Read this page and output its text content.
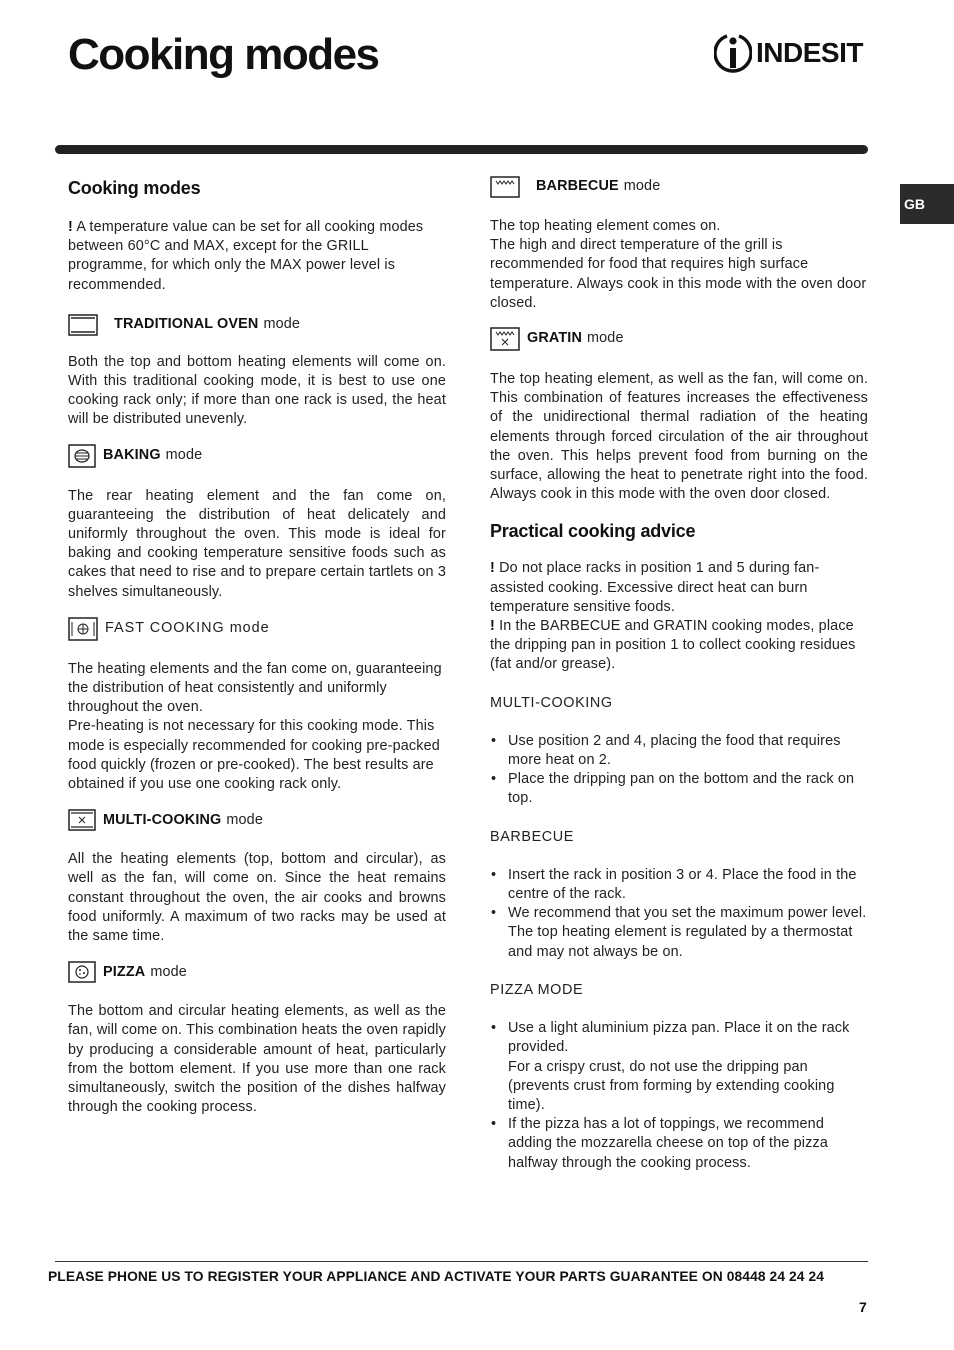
Cooking modes	INDESIT
GB
Cooking modes

! A temperature value can be set for all cooking modes between 60°C and MAX, except for the GRILL programme, for which only the MAX power level is recommended.

TRADITIONAL OVEN mode

Both the top and bottom heating elements will come on. With this traditional cooking mode, it is best to use one cooking rack only; if more than one rack is used, the heat will be distributed unevenly.

BAKING mode

The rear heating element and the fan come on, guaranteeing the distribution of heat delicately and uniformly throughout the oven. This mode is ideal for baking and cooking temperature sensitive foods such as cakes that need to rise and to prepare certain tartlets on 3 shelves simultaneously.

FAST COOKING mode

The heating elements and the fan come on, guaranteeing the distribution of heat consistently and uniformly throughout the oven.
Pre-heating is not necessary for this cooking mode. This mode is especially recommended for cooking pre-packed food quickly (frozen or pre-cooked). The best results are obtained if you use one cooking rack only.

MULTI-COOKING mode

All the heating elements (top, bottom and circular), as well as the fan, will come on. Since the heat remains constant throughout the oven, the air cooks and browns food uniformly. A maximum of two racks may be used at the same time.

PIZZA mode

The bottom and circular heating elements, as well as the fan, will come on. This combination heats the oven rapidly by producing a considerable amount of heat, particularly from the bottom element. If you use more than one rack simultaneously, switch the position of the dishes halfway through the cooking process.

BARBECUE mode

The top heating element comes on.
The high and direct temperature of the grill is recommended for food that requires high surface temperature. Always cook in this mode with the oven door closed.

GRATIN mode

The top heating element, as well as the fan, will come on. This combination of features increases the effectiveness of the unidirectional thermal radiation of the heating elements through forced circulation of the air throughout the oven. This helps prevent food from burning on the surface, allowing the heat to penetrate right into the food. Always cook in this mode with the oven door closed.

Practical cooking advice

! Do not place racks in position 1 and 5 during fan-assisted cooking. Excessive direct heat can burn temperature sensitive foods.

! In the BARBECUE and GRATIN cooking modes, place the dripping pan in position 1 to collect cooking residues (fat and/or grease).

MULTI-COOKING

• Use position 2 and 4, placing the food that requires more heat on 2.
• Place the dripping pan on the bottom and the rack on top.

BARBECUE

• Insert the rack in position 3 or 4. Place the food in the centre of the rack.
• We recommend that you set the maximum power level. The top heating element is regulated by a thermostat and may not always be on.

PIZZA MODE

• Use a light aluminium pizza pan. Place it on the rack provided.
For a crispy crust, do not use the dripping pan (prevents crust from forming by extending cooking time).
• If the pizza has a lot of toppings, we recommend adding the mozzarella cheese on top of the pizza halfway through the cooking process.
PLEASE PHONE US TO REGISTER YOUR APPLIANCE AND ACTIVATE YOUR PARTS GUARANTEE ON 08448 24 24 24
7
